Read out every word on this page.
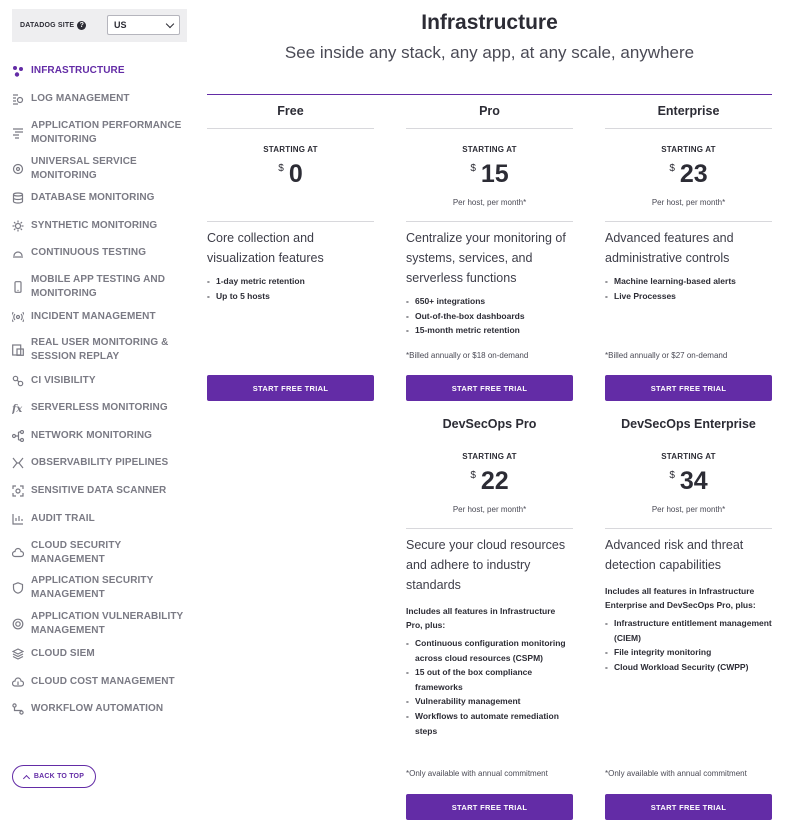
DATADOG SITE ?	US
INFRASTRUCTURE
LOG MANAGEMENT
APPLICATION PERFORMANCE MONITORING
UNIVERSAL SERVICE MONITORING
DATABASE MONITORING
SYNTHETIC MONITORING
CONTINUOUS TESTING
MOBILE APP TESTING AND MONITORING
INCIDENT MANAGEMENT
REAL USER MONITORING & SESSION REPLAY
CI VISIBILITY
fx SERVERLESS MONITORING
NETWORK MONITORING
OBSERVABILITY PIPELINES
SENSITIVE DATA SCANNER
AUDIT TRAIL
CLOUD SECURITY MANAGEMENT
APPLICATION SECURITY MANAGEMENT
APPLICATION VULNERABILITY MANAGEMENT
CLOUD SIEM
CLOUD COST MANAGEMENT
WORKFLOW AUTOMATION
BACK TO TOP
Infrastructure

See inside any stack, any app, at any scale, anywhere

Free
STARTING AT
$ 0

Core collection and visualization features

- 1-day metric retention
- Up to 5 hosts
START FREE TRIAL
Pro
STARTING AT
$ 15
Per host, per month*

Centralize your monitoring of systems, services, and serverless functions

- 650+ integrations
- Out-of-the-box dashboards
- 15-month metric retention
*Billed annually or $18 on-demand
START FREE TRIAL
Enterprise
STARTING AT
$ 23
Per host, per month*

Advanced features and administrative controls

- Machine learning-based alerts
- Live Processes
*Billed annually or $27 on-demand
START FREE TRIAL
DevSecOps Pro
STARTING AT
$ 22
Per host, per month*

Secure your cloud resources and adhere to industry standards

Includes all features in Infrastructure Pro, plus:

- Continuous configuration monitoring across cloud resources (CSPM)
- 15 out of the box compliance frameworks
- Vulnerability management
- Workflows to automate remediation steps
*Only available with annual commitment
START FREE TRIAL
DevSecOps Enterprise
STARTING AT
$ 34
Per host, per month*

Advanced risk and threat detection capabilities

Includes all features in Infrastructure Enterprise and DevSecOps Pro, plus:

- Infrastructure entitlement management (CIEM)
- File integrity monitoring
- Cloud Workload Security (CWPP)
*Only available with annual commitment
START FREE TRIAL
